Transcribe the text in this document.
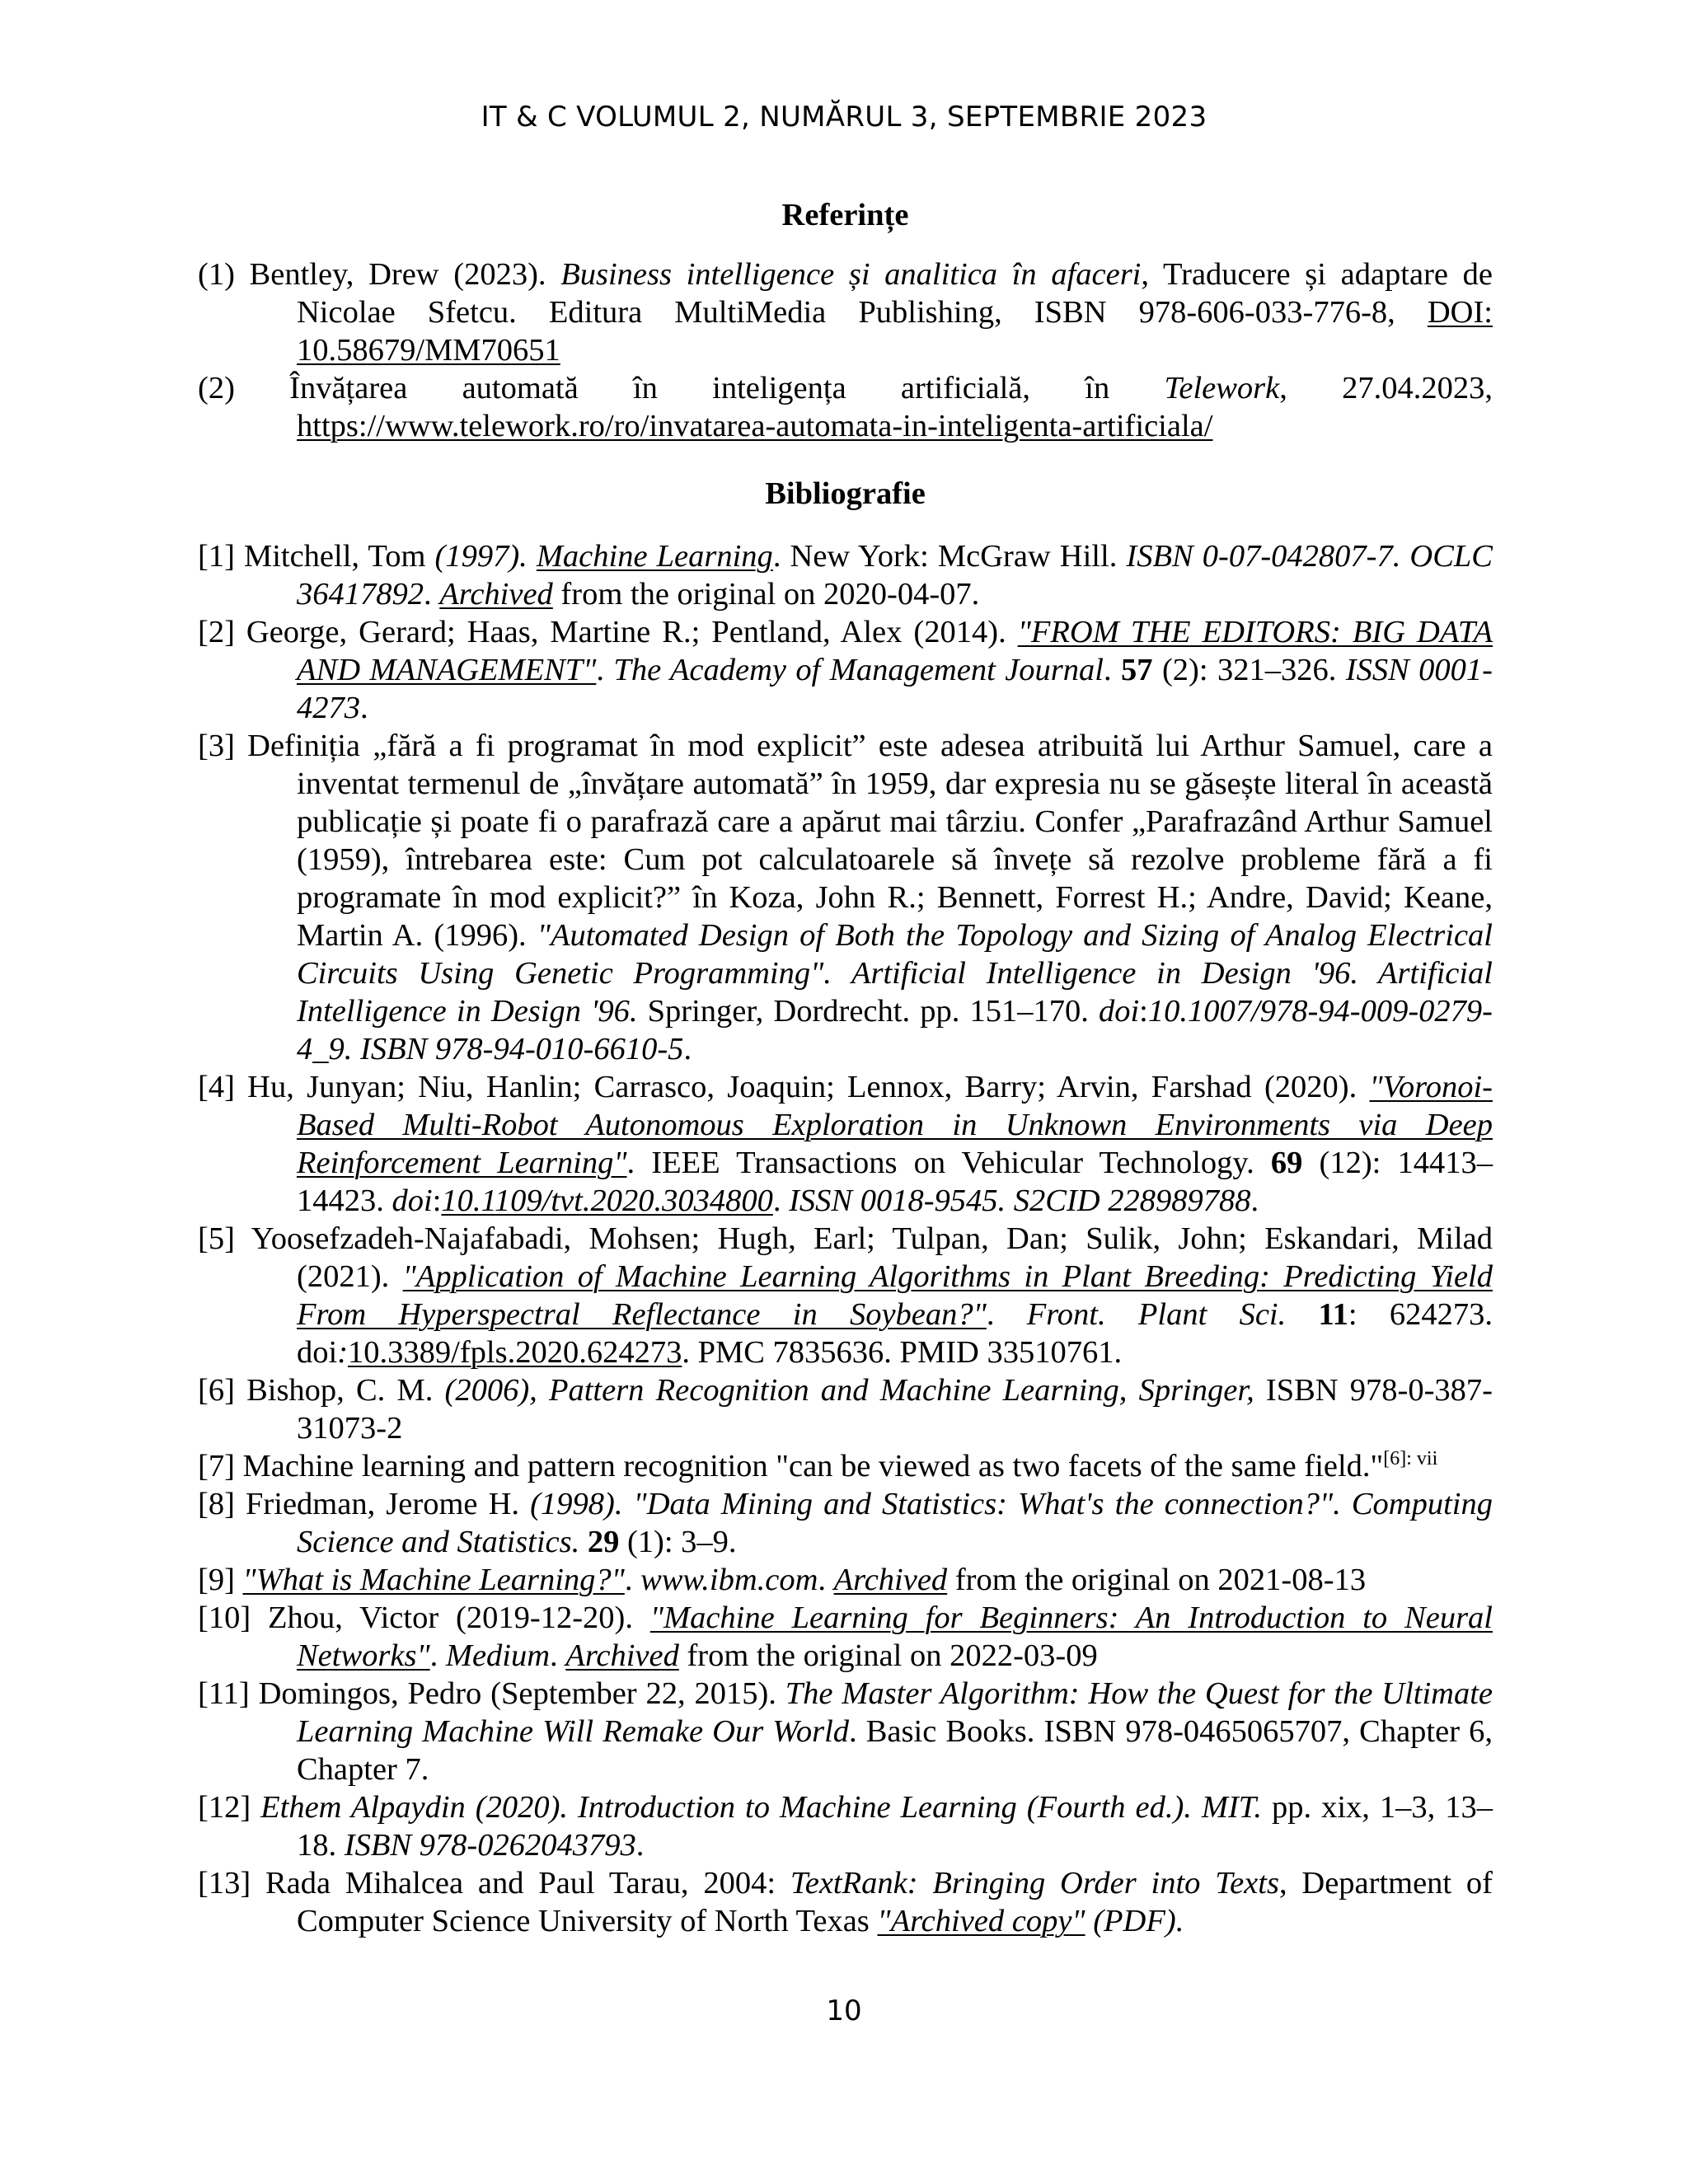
IT & C VOLUMUL 2, NUMĂRUL 3, SEPTEMBRIE 2023
Referințe
(1) Bentley, Drew (2023). Business intelligence și analitica în afaceri, Traducere și adaptare de Nicolae Sfetcu. Editura MultiMedia Publishing, ISBN 978-606-033-776-8, DOI: 10.58679/MM70651
(2) Învățarea automată în inteligența artificială, în Telework, 27.04.2023, https://www.telework.ro/ro/invatarea-automata-in-inteligenta-artificiala/
Bibliografie
[1] Mitchell, Tom (1997). Machine Learning. New York: McGraw Hill. ISBN 0-07-042807-7. OCLC 36417892. Archived from the original on 2020-04-07.
[2] George, Gerard; Haas, Martine R.; Pentland, Alex (2014). "FROM THE EDITORS: BIG DATA AND MANAGEMENT". The Academy of Management Journal. 57 (2): 321–326. ISSN 0001-4273.
[3] Definiția „fără a fi programat în mod explicit” este adesea atribuită lui Arthur Samuel, care a inventat termenul de „învățare automată” în 1959, dar expresia nu se găsește literal în această publicație și poate fi o parafrază care a apărut mai târziu. Confer „Parafrazând Arthur Samuel (1959), întrebarea este: Cum pot calculatoarele să învețe să rezolve probleme fără a fi programate în mod explicit?” în Koza, John R.; Bennett, Forrest H.; Andre, David; Keane, Martin A. (1996). "Automated Design of Both the Topology and Sizing of Analog Electrical Circuits Using Genetic Programming". Artificial Intelligence in Design '96. Artificial Intelligence in Design '96. Springer, Dordrecht. pp. 151–170. doi:10.1007/978-94-009-0279-4_9. ISBN 978-94-010-6610-5.
[4] Hu, Junyan; Niu, Hanlin; Carrasco, Joaquin; Lennox, Barry; Arvin, Farshad (2020). "Voronoi-Based Multi-Robot Autonomous Exploration in Unknown Environments via Deep Reinforcement Learning". IEEE Transactions on Vehicular Technology. 69 (12): 14413–14423. doi:10.1109/tvt.2020.3034800. ISSN 0018-9545. S2CID 228989788.
[5] Yoosefzadeh-Najafabadi, Mohsen; Hugh, Earl; Tulpan, Dan; Sulik, John; Eskandari, Milad (2021). "Application of Machine Learning Algorithms in Plant Breeding: Predicting Yield From Hyperspectral Reflectance in Soybean?". Front. Plant Sci. 11: 624273. doi:10.3389/fpls.2020.624273. PMC 7835636. PMID 33510761.
[6] Bishop, C. M. (2006), Pattern Recognition and Machine Learning, Springer, ISBN 978-0-387-31073-2
[7] Machine learning and pattern recognition "can be viewed as two facets of the same field."$^{[6]: vii}$
[8] Friedman, Jerome H. (1998). "Data Mining and Statistics: What's the connection?". Computing Science and Statistics. 29 (1): 3–9.
[9] "What is Machine Learning?". www.ibm.com. Archived from the original on 2021-08-13
[10] Zhou, Victor (2019-12-20). "Machine Learning for Beginners: An Introduction to Neural Networks". Medium. Archived from the original on 2022-03-09
[11] Domingos, Pedro (September 22, 2015). The Master Algorithm: How the Quest for the Ultimate Learning Machine Will Remake Our World. Basic Books. ISBN 978-0465065707, Chapter 6, Chapter 7.
[12] Ethem Alpaydin (2020). Introduction to Machine Learning (Fourth ed.). MIT. pp. xix, 1–3, 13–18. ISBN 978-0262043793.
[13] Rada Mihalcea and Paul Tarau, 2004: TextRank: Bringing Order into Texts, Department of Computer Science University of North Texas "Archived copy" (PDF).
10
